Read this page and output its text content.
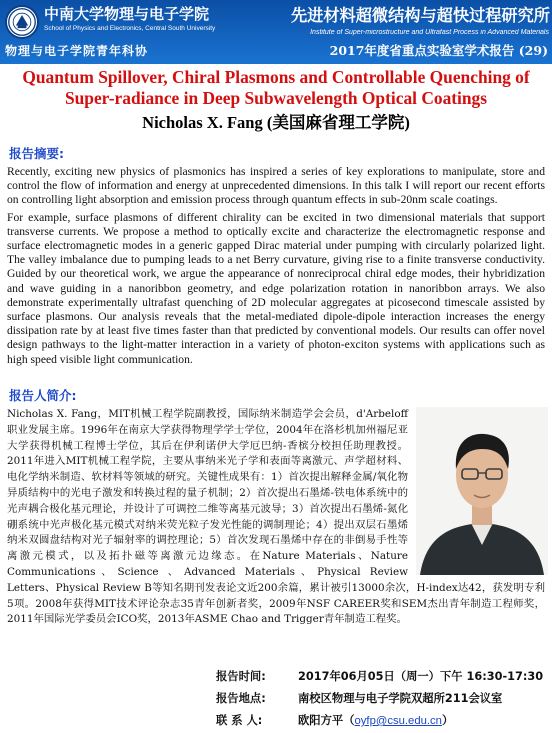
中南大学物理与电子学院
School of Physics and Electronics, Central South University
先进材料超微结构与超快过程研究所
Institute of Super-microstructure and Ultrafast Process in Advanced Materials
物理与电子学院青年科协	2017年度省重点实验室学术报告 (29)
Quantum Spillover, Chiral Plasmons and Controllable Quenching of Super-radiance in Deep Subwavelength Optical Coatings
Nicholas X. Fang (美国麻省理工学院)
报告摘要:

Recently, exciting new physics of plasmonics has inspired a series of key explorations to manipulate, store and control the flow of information and energy at unprecedented dimensions. In this talk I will report our recent efforts on controlling light absorption and emission process through quantum effects in sub-20nm scale coatings.

For example, surface plasmons of different chirality can be excited in two dimensional materials that support transverse currents. We propose a method to optically excite and characterize the electromagnetic response and surface electromagnetic modes in a generic gapped Dirac material under pumping with circularly polarized light. The valley imbalance due to pumping leads to a net Berry curvature, giving rise to a finite transverse conductivity. Guided by our theoretical work, we argue the appearance of nonreciprocal chiral edge modes, their hybridization and wave guiding in a nanoribbon geometry, and edge polarization rotation in nanoribbon arrays. We also demonstrate experimentally ultrafast quenching of 2D molecular aggregates at picosecond timescale assisted by surface plasmons. Our analysis reveals that the metal-mediated dipole-dipole interaction increases the energy dissipation rate by at least five times faster than that predicted by conventional models. Our results can offer novel design pathways to the light-matter interaction in a variety of photon-exciton systems with applications such as high speed visible light communication.

报告人简介:
Nicholas X. Fang，MIT机械工程学院副教授，国际纳米制造学会会员，d'Arbeloff职业发展主席。1996年在南京大学获得物理学学士学位，2004年在洛杉机加州福尼亚大学获得机械工程博士学位，其后在伊利诺伊大学厄巴纳-香槟分校担任助理教授。2011年进入MIT机械工程学院，主要从事纳米光子学和表面等离激元、声学超材料、电化学纳米制造、软材料等领域的研究。关键性成果有：1）首次提出解释金属/氧化物异质结构中的光电子激发和转换过程的量子机制；2）首次提出石墨烯-铁电体系统中的光声耦合极化基元理论，并设计了可调控二维等离基元波导；3）首次提出石墨烯-氮化硼系统中光声极化基元模式对纳米荧光粒子发光性能的调制理论；4）提出双层石墨烯纳米双圆盘结构对光子辐射率的调控理论；5）首次发现石墨烯中存在的非倒易手性等离激元模式，以及拓扑磁等离激元边缘态。在Nature Materials、Nature Communications、Science 、Advanced Materials、Physical Review Letters、Physical Review B等知名期刊发表论文近200余篇，累计被引13000余次，H-index达42，获发明专利5项。2008年获得MIT技术评论杂志35青年创新者奖，2009年NSF CAREER奖和SEM杰出青年制造工程师奖，2011年国际光学委员会ICO奖，2013年ASME Chao and Trigger青年制造工程奖。
报告时间:	2017年06月05日（周一）下午 16:30-17:30
报告地点:	南校区物理与电子学院双超所211会议室
联 系 人:	欧阳方平（oyfp@csu.edu.cn）
